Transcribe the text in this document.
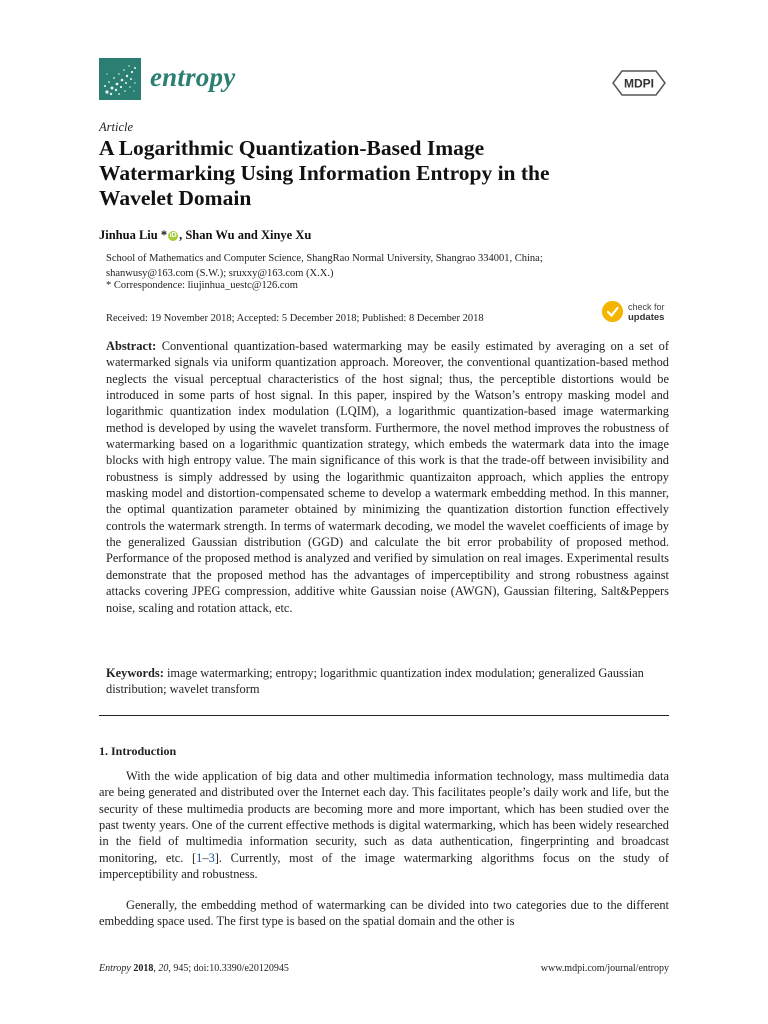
entropy	MDPI
Article
A Logarithmic Quantization-Based Image Watermarking Using Information Entropy in the Wavelet Domain
Jinhua Liu * iD , Shan Wu and Xinye Xu
School of Mathematics and Computer Science, ShangRao Normal University, Shangrao 334001, China;
shanwusy@163.com (S.W.); sruxxy@163.com (X.X.)
* Correspondence: liujinhua_uestc@126.com
Received: 19 November 2018; Accepted: 5 December 2018; Published: 8 December 2018
check for
updates

Abstract: Conventional quantization-based watermarking may be easily estimated by averaging on a set of watermarked signals via uniform quantization approach. Moreover, the conventional quantization-based method neglects the visual perceptual characteristics of the host signal; thus, the perceptible distortions would be introduced in some parts of host signal. In this paper, inspired by the Watson’s entropy masking model and logarithmic quantization index modulation (LQIM), a logarithmic quantization-based image watermarking method is developed by using the wavelet transform. Furthermore, the novel method improves the robustness of watermarking based on a logarithmic quantization strategy, which embeds the watermark data into the image blocks with high entropy value. The main significance of this work is that the trade-off between invisibility and robustness is simply addressed by using the logarithmic quantizaiton approach, which applies the entropy masking model and distortion-compensated scheme to develop a watermark embedding method. In this manner, the optimal quantization parameter obtained by minimizing the quantization distortion function effectively controls the watermark strength. In terms of watermark decoding, we model the wavelet coefficients of image by the generalized Gaussian distribution (GGD) and calculate the bit error probability of proposed method. Performance of the proposed method is analyzed and verified by simulation on real images. Experimental results demonstrate that the proposed method has the advantages of imperceptibility and strong robustness against attacks covering JPEG compression, additive white Gaussian noise (AWGN), Gaussian filtering, Salt&Peppers noise, scaling and rotation attack, etc.

Keywords: image watermarking; entropy; logarithmic quantization index modulation; generalized Gaussian distribution; wavelet transform

1. Introduction

With the wide application of big data and other multimedia information technology, mass multimedia data are being generated and distributed over the Internet each day. This facilitates people’s daily work and life, but the security of these multimedia products are becoming more and more important, which has been studied over the past twenty years. One of the current effective methods is digital watermarking, which has been widely researched in the field of multimedia information security, such as data authentication, fingerprinting and broadcast monitoring, etc. [1–3]. Currently, most of the image watermarking algorithms focus on the study of imperceptibility and robustness.

Generally, the embedding method of watermarking can be divided into two categories due to the different embedding space used. The first type is based on the spatial domain and the other is

Entropy 2018, 20, 945; doi:10.3390/e20120945	www.mdpi.com/journal/entropy
